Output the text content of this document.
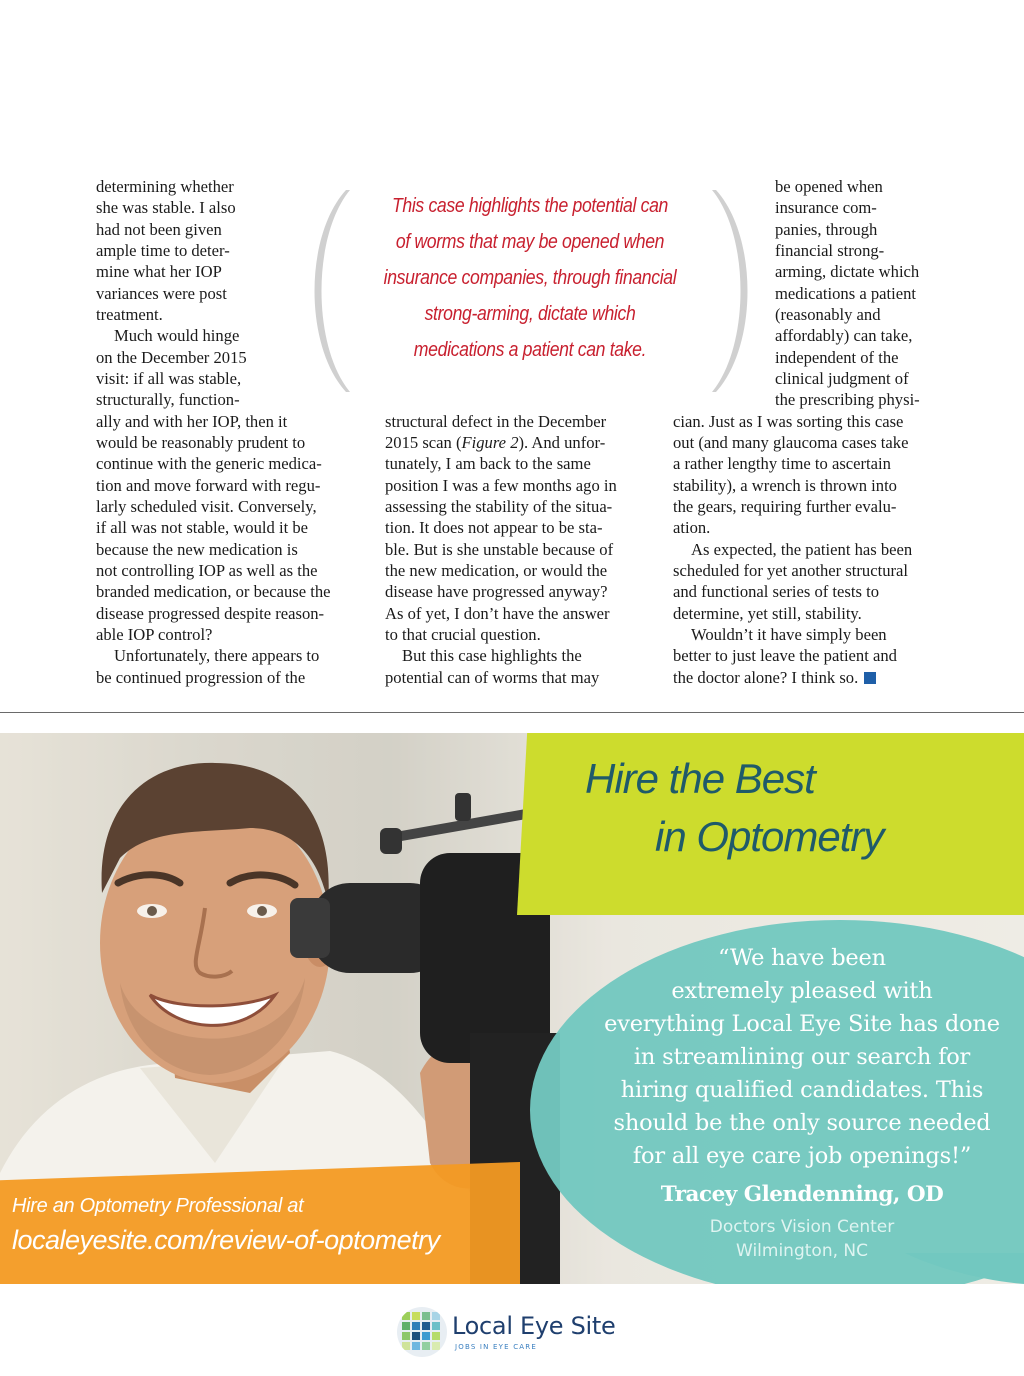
determining whether
she was stable. I also
had not been given
ample time to deter-
mine what her IOP
variances were post
treatment.
Much would hinge
on the December 2015
visit: if all was stable,
structurally, function-
ally and with her IOP, then it
would be reasonably prudent to
continue with the generic medica-
tion and move forward with regu-
larly scheduled visit. Conversely,
if all was not stable, would it be
because the new medication is
not controlling IOP as well as the
branded medication, or because the
disease progressed despite reason-
able IOP control?
Unfortunately, there appears to
be continued progression of the
structural defect in the December
2015 scan (Figure 2). And unfor-
tunately, I am back to the same
position I was a few months ago in
assessing the stability of the situa-
tion. It does not appear to be sta-
ble. But is she unstable because of
the new medication, or would the
disease have progressed anyway?
As of yet, I don’t have the answer
to that crucial question.
But this case highlights the
potential can of worms that may
be opened when
insurance com-
panies, through
financial strong-
arming, dictate which
medications a patient
(reasonably and
affordably) can take,
independent of the
clinical judgment of
the prescribing physi-
cian. Just as I was sorting this case
out (and many glaucoma cases take
a rather lengthy time to ascertain
stability), a wrench is thrown into
the gears, requiring further evalu-
ation.
As expected, the patient has been
scheduled for yet another structural
and functional series of tests to
determine, yet still, stability.
Wouldn’t it have simply been
better to just leave the patient and
the doctor alone? I think so.
This case highlights the potential can
of worms that may be opened when
insurance companies, through financial
strong-arming, dictate which
medications a patient can take.
Hire the Best
in Optometry
“We have been
extremely pleased with
everything Local Eye Site has done
in streamlining our search for
hiring qualified candidates. This
should be the only source needed
for all eye care job openings!”
Tracey Glendenning, OD
Doctors Vision Center
Wilmington, NC
Hire an Optometry Professional at
localeyesite.com/review-of-optometry
Local Eye Site
JOBS IN EYE CARE
